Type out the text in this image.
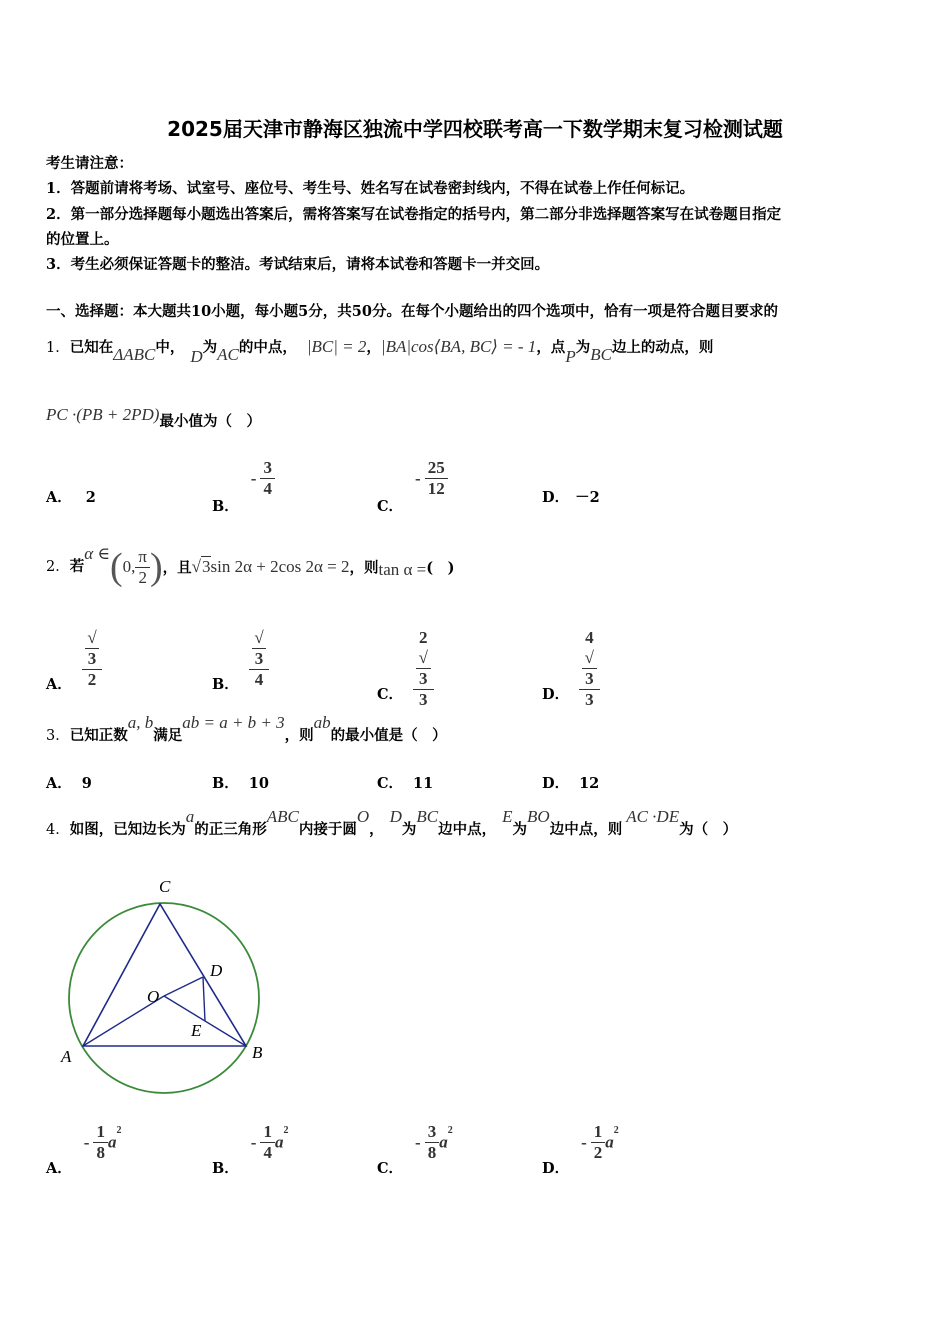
2025届天津市静海区独流中学四校联考高一下数学期末复习检测试题
考生请注意：
1．答题前请将考场、试室号、座位号、考生号、姓名写在试卷密封线内，不得在试卷上作任何标记。
2．第一部分选择题每小题选出答案后，需将答案写在试卷指定的括号内，第二部分非选择题答案写在试卷题目指定
的位置上。
3．考生必须保证答题卡的整洁。考试结束后，请将本试卷和答题卡一并交回。
一、选择题：本大题共10小题，每小题5分，共50分。在每个小题给出的四个选项中，恰有一项是符合题目要求的
1．已知在ΔABC中， D为AC的中点， |BC| = 2，|BA|cos⟨BA, BC⟩ = - 1，点P为BC边上的动点，则
PC ·(PB + 2PD)最小值为（　）
A． 2	B．- $\frac{3}{4}$
C．- $\frac{25}{12}$	D． －2
2．若α ∈(0, $\frac{\pi}{2}$ )，且√3sin 2α + 2cos 2α = 2，则tan α =(　)
A． √
3
2	B． √
3
4
C． 2
√
3
3	D． 4
√
3
3
3．已知正数a, b满足ab = a + b + 3，则ab的最小值是（　）
A． 9	B． 10	C． 11	D． 12
4．如图，已知边长为a的正三角形ABC内接于圆O，D为BC边中点，E为BO边中点，则AC ·DE为（　）
A	B
C
D
O
E
A．- $\frac{1}{8} a^2$
B．- $\frac{1}{4} a^2$
C．- $\frac{3}{8} a^2$
D．- $\frac{1}{2} a^2$
